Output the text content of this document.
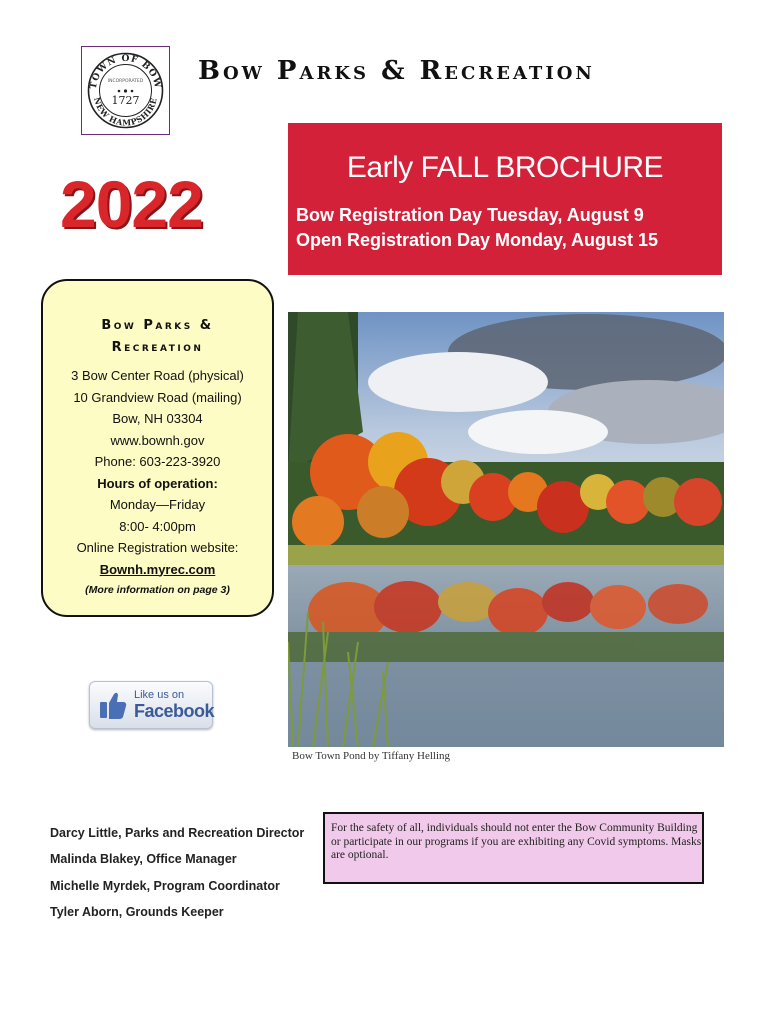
TOWN OF BOW
NEW HAMPSHIRE
INCORPORATED
1727
Bow Parks & Recreation
2022	Early FALL BROCHURE
Bow Registration Day Tuesday, August 9
Open Registration Day Monday, August 15
Bow Parks &
Recreation
3 Bow Center Road (physical)
10 Grandview Road (mailing)
Bow, NH 03304
www.bownh.gov
Phone: 603-223-3920
Hours of operation:
Monday—Friday
8:00- 4:00pm
Online Registration website:
Bownh.myrec.com
(More information on page 3)
Bow Town Pond by Tiffany Helling
Like us on
Facebook
Darcy Little, Parks and Recreation Director
Malinda Blakey, Office Manager
Michelle Myrdek, Program Coordinator
Tyler Aborn, Grounds Keeper
For the safety of all, individuals should not enter the Bow Community Building or participate in our programs if you are exhibiting any Covid symptoms. Masks are optional.
